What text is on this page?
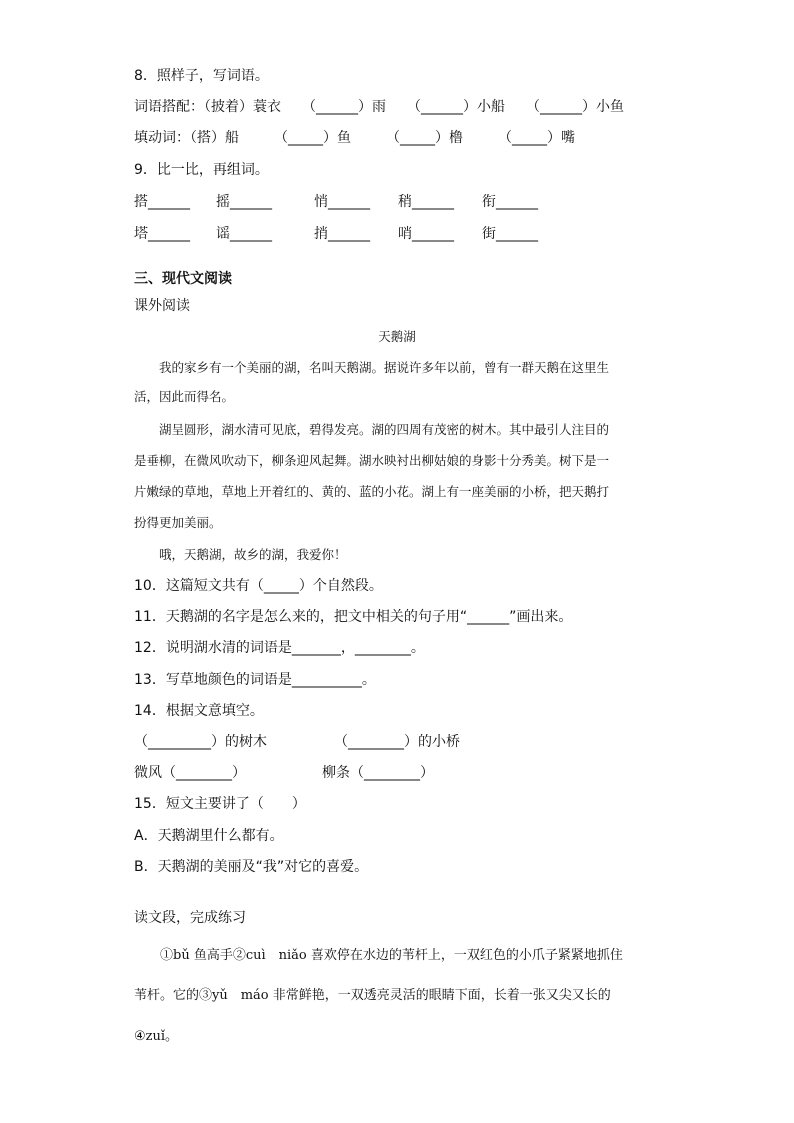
8．照样子，写词语。
词语搭配：（披着）蓑衣　　（______）雨　　（______）小船　　（______）小鱼
填动词：（搭）船　　　（_____）鱼　　　（_____）橹　　　（_____）嘴
9．比一比，再组词。
搭______ 摇______	悄______ 稍______ 衔______
塔______ 谣______	捎______ 哨______ 街______
三、现代文阅读
课外阅读
天鹅湖
　　我的家乡有一个美丽的湖，名叫天鹅湖。据说许多年以前，曾有一群天鹅在这里生
活，因此而得名。
　　湖呈圆形，湖水清可见底，碧得发亮。湖的四周有茂密的树木。其中最引人注目的
是垂柳，在微风吹动下，柳条迎风起舞。湖水映衬出柳姑娘的身影十分秀美。树下是一
片嫩绿的草地，草地上开着红的、黄的、蓝的小花。湖上有一座美丽的小桥，把天鹅打
扮得更加美丽。
　　哦，天鹅湖，故乡的湖，我爱你！
10．这篇短文共有（_____）个自然段。
11．天鹅湖的名字是怎么来的，把文中相关的句子用“______”画出来。
12．说明湖水清的词语是_______，________。
13．写草地颜色的词语是__________。
14．根据文意填空。
（_________）的树木	（________）的小桥
微风（________）	柳条（________）
15．短文主要讲了（　　）
A．天鹅湖里什么都有。
B．天鹅湖的美丽及“我”对它的喜爱。
读文段，完成练习
　　①bǔ 鱼高手②cuì　niǎo 喜欢停在水边的苇杆上，一双红色的小爪子紧紧地抓住
苇杆。它的③yǔ　máo 非常鲜艳，一双透亮灵活的眼睛下面，长着一张又尖又长的
④zuǐ。
